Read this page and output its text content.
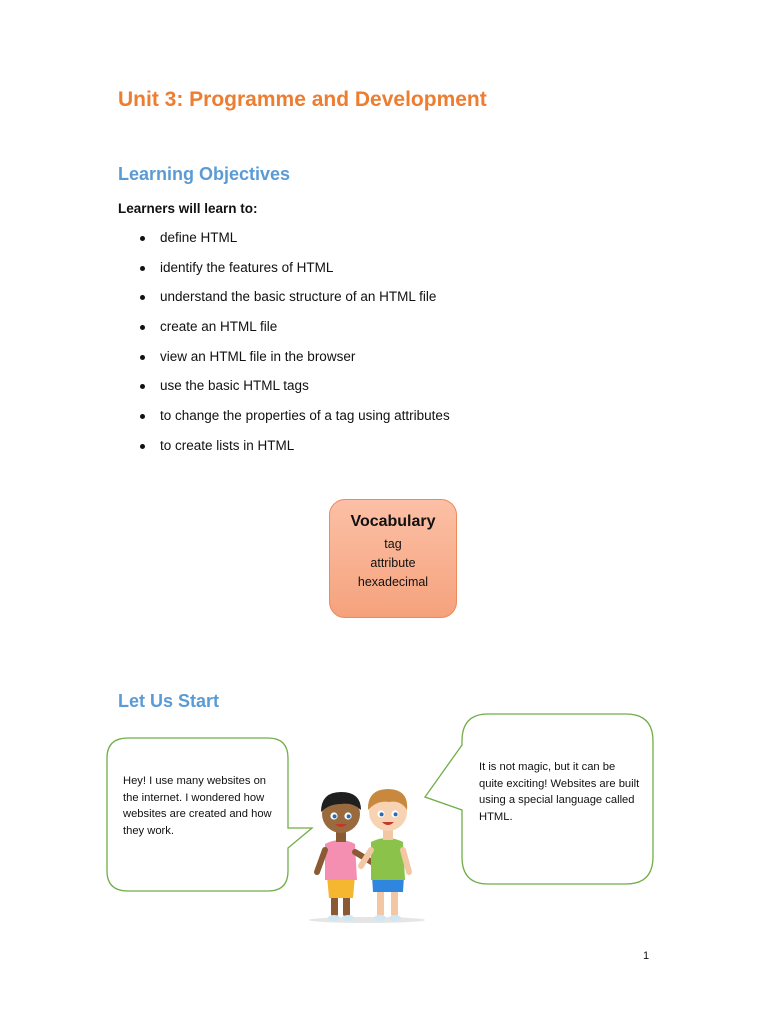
Unit 3: Programme and Development
Learning Objectives

Learners will learn to:

define HTML
identify the features of HTML
understand the basic structure of an HTML file
create an HTML file
view an HTML file in the browser
use the basic HTML tags
to change the properties of a tag using attributes
to create lists in HTML
Vocabulary
tag
attribute
hexadecimal
Let Us Start
Hey! I use many websites on the internet. I wondered how websites are created and how they work.
It is not magic, but it can be quite exciting! Websites are built using a special language called HTML.
1
